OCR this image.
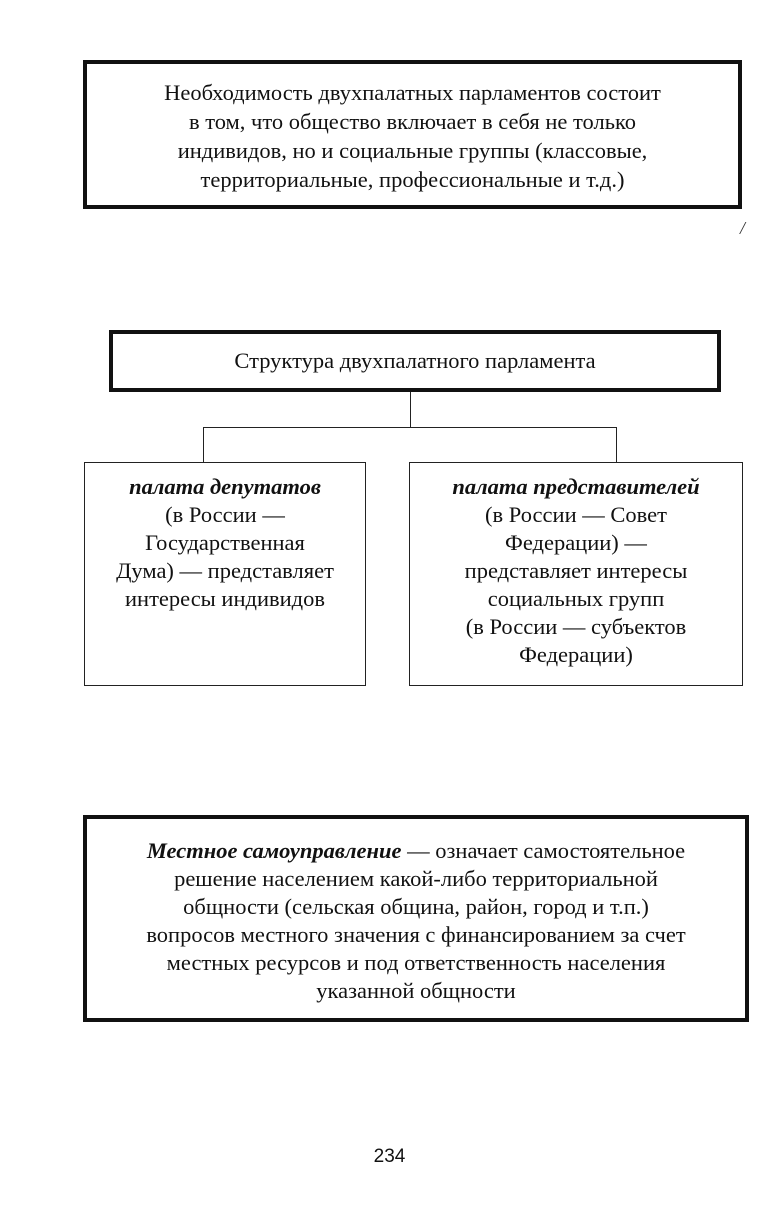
Необходимость двухпалатных парламентов состоит
в том, что общество включает в себя не только
индивидов, но и социальные группы (классовые,
территориальные, профессиональные и т.д.)
/
Структура двухпалатного парламента
палата депутатов
(в России —
Государственная
Дума) — представляет
интересы индивидов
палата представителей
(в России — Совет
Федерации) —
представляет интересы
социальных групп
(в России — субъектов
Федерации)
Местное самоуправление — означает самостоятельное
решение населением какой-либо территориальной
общности (сельская община, район, город и т.п.)
вопросов местного значения с финансированием за счет
местных ресурсов и под ответственность населения
указанной общности
234
